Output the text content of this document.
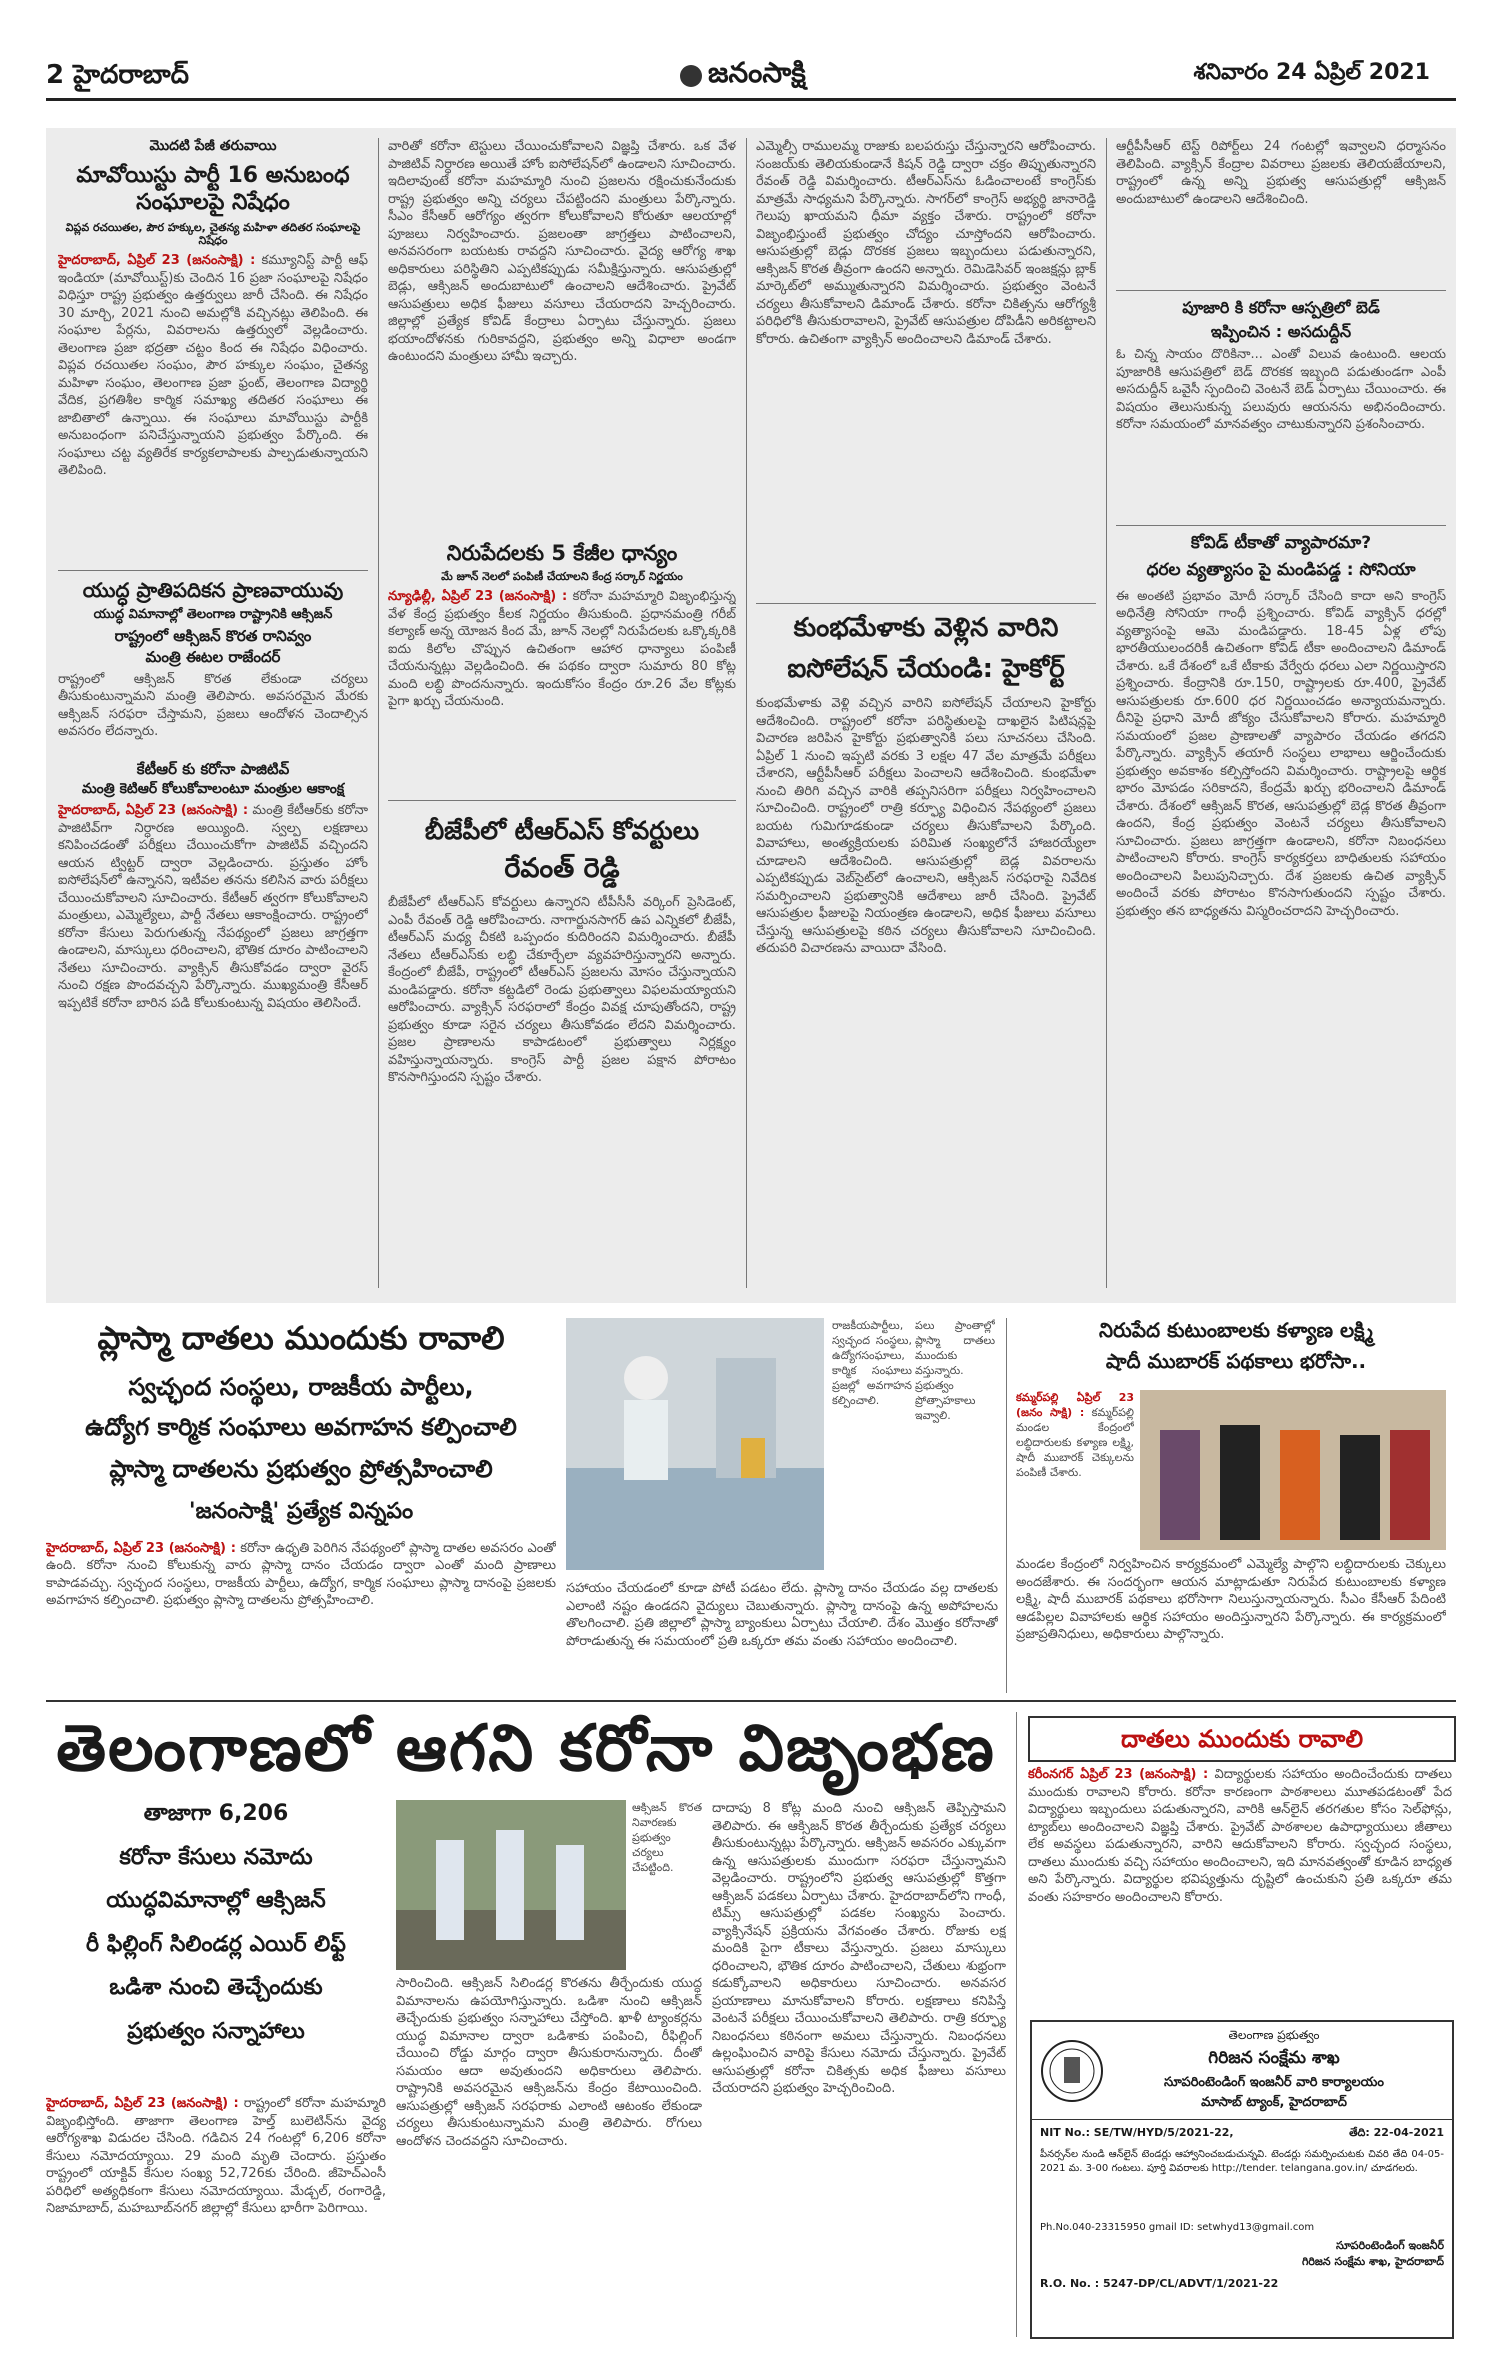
2 హైదరాబాద్	జనంసాక్షి	శనివారం 24 ఏప్రిల్ 2021
మొదటి పేజీ తరువాయి
మావోయిస్టు పార్టీ 16 అనుబంధ
సంఘాలపై నిషేధం
విప్లవ రచయితల, పౌర హక్కుల, చైతన్య మహిళా తదితర సంఘాలపై నిషేధం
హైదరాబాద్‌, ఏప్రిల్‌ 23 (జనంసాక్షి) : కమ్యూనిస్ట్‌ పార్టీ ఆఫ్‌ ఇండియా (మావోయిస్ట్‌)కు చెందిన 16 ప్రజా సంఘాలపై నిషేధం విధిస్తూ రాష్ట్ర ప్రభుత్వం ఉత్తర్వులు జారీ చేసింది. ఈ నిషేధం 30 మార్చి, 2021 నుంచి అమల్లోకి వచ్చినట్లు తెలిపింది. ఈ సంఘాల పేర్లను, వివరాలను ఉత్తర్వులో వెల్లడించారు. తెలంగాణ ప్రజా భద్రతా చట్టం కింద ఈ నిషేధం విధించారు. విప్లవ రచయితల సంఘం, పౌర హక్కుల సంఘం, చైతన్య మహిళా సంఘం, తెలంగాణ ప్రజా ఫ్రంట్‌, తెలంగాణ విద్యార్థి వేదిక, ప్రగతిశీల కార్మిక సమాఖ్య తదితర సంఘాలు ఈ జాబితాలో ఉన్నాయి. ఈ సంఘాలు మావోయిస్టు పార్టీకి అనుబంధంగా పనిచేస్తున్నాయని ప్రభుత్వం పేర్కొంది. ఈ సంఘాలు చట్ట వ్యతిరేక కార్యకలాపాలకు పాల్పడుతున్నాయని తెలిపింది.
యుద్ధ ప్రాతిపదికన ప్రాణవాయువు
యుద్ధ విమానాల్లో తెలంగాణ రాష్ట్రానికి ఆక్సిజన్‌
రాష్ట్రంలో ఆక్సిజన్‌ కొరత రానివ్వం
మంత్రి ఈటల రాజేందర్‌
రాష్ట్రంలో ఆక్సిజన్‌ కొరత లేకుండా చర్యలు తీసుకుంటున్నామని మంత్రి తెలిపారు. అవసరమైన మేరకు ఆక్సిజన్‌ సరఫరా చేస్తామని, ప్రజలు ఆందోళన చెందాల్సిన అవసరం లేదన్నారు.
కేటీఆర్‌ కు కరోనా పాజిటివ్‌
మంత్రి కెటిఆర్‌ కోలుకోవాలంటూ మంత్రుల ఆకాంక్ష
హైదరాబాద్‌, ఏప్రిల్‌ 23 (జనంసాక్షి) : మంత్రి కేటీఆర్‌కు కరోనా పాజిటివ్‌గా నిర్ధారణ అయ్యింది. స్వల్ప లక్షణాలు కనిపించడంతో పరీక్షలు చేయించుకోగా పాజిటివ్‌ వచ్చిందని ఆయన ట్విట్టర్‌ ద్వారా వెల్లడించారు. ప్రస్తుతం హోం ఐసోలేషన్‌లో ఉన్నానని, ఇటీవల తనను కలిసిన వారు పరీక్షలు చేయించుకోవాలని సూచించారు. కేటీఆర్‌ త్వరగా కోలుకోవాలని మంత్రులు, ఎమ్మెల్యేలు, పార్టీ నేతలు ఆకాంక్షించారు. రాష్ట్రంలో కరోనా కేసులు పెరుగుతున్న నేపథ్యంలో ప్రజలు జాగ్రత్తగా ఉండాలని, మాస్కులు ధరించాలని, భౌతిక దూరం పాటించాలని నేతలు సూచించారు. వ్యాక్సిన్‌ తీసుకోవడం ద్వారా వైరస్‌ నుంచి రక్షణ పొందవచ్చని పేర్కొన్నారు. ముఖ్యమంత్రి కేసీఆర్‌ ఇప్పటికే కరోనా బారిన పడి కోలుకుంటున్న విషయం తెలిసిందే.
వారితో కరోనా టెస్టులు చేయించుకోవాలని విజ్ఞప్తి చేశారు. ఒక వేళ పాజిటివ్‌ నిర్ధారణ అయితే హోం ఐసోలేషన్‌లో ఉండాలని సూచించారు. ఇదిలావుంటే కరోనా మహమ్మారి నుంచి ప్రజలను రక్షించుకునేందుకు రాష్ట్ర ప్రభుత్వం అన్ని చర్యలు చేపట్టిందని మంత్రులు పేర్కొన్నారు. సీఎం కేసీఆర్‌ ఆరోగ్యం త్వరగా కోలుకోవాలని కోరుతూ ఆలయాల్లో పూజలు నిర్వహించారు. ప్రజలంతా జాగ్రత్తలు పాటించాలని, అనవసరంగా బయటకు రావద్దని సూచించారు. వైద్య ఆరోగ్య శాఖ అధికారులు పరిస్థితిని ఎప్పటికప్పుడు సమీక్షిస్తున్నారు. ఆసుపత్రుల్లో బెడ్లు, ఆక్సిజన్‌ అందుబాటులో ఉంచాలని ఆదేశించారు. ప్రైవేట్‌ ఆసుపత్రులు అధిక ఫీజులు వసూలు చేయరాదని హెచ్చరించారు. జిల్లాల్లో ప్రత్యేక కోవిడ్‌ కేంద్రాలు ఏర్పాటు చేస్తున్నారు. ప్రజలు భయాందోళనకు గురికావద్దని, ప్రభుత్వం అన్ని విధాలా అండగా ఉంటుందని మంత్రులు హామీ ఇచ్చారు.
నిరుపేదలకు 5 కేజీల ధాన్యం
మే జూన్‌ నెలలో పంపిణీ చేయాలని కేంద్ర సర్కార్‌ నిర్ణయం
న్యూఢిల్లీ, ఏప్రిల్‌ 23 (జనంసాక్షి) : కరోనా మహమ్మారి విజృంభిస్తున్న వేళ కేంద్ర ప్రభుత్వం కీలక నిర్ణయం తీసుకుంది. ప్రధానమంత్రి గరీబ్‌ కల్యాణ్‌ అన్న యోజన కింద మే, జూన్‌ నెలల్లో నిరుపేదలకు ఒక్కొక్కరికి ఐదు కిలోల చొప్పున ఉచితంగా ఆహార ధాన్యాలు పంపిణీ చేయనున్నట్లు వెల్లడించింది. ఈ పథకం ద్వారా సుమారు 80 కోట్ల మంది లబ్ధి పొందనున్నారు. ఇందుకోసం కేంద్రం రూ.26 వేల కోట్లకు పైగా ఖర్చు చేయనుంది.
బీజేపీలో టీఆర్‌ఎస్‌ కోవర్టులు
రేవంత్‌ రెడ్డి
బీజేపీలో టీఆర్‌ఎస్‌ కోవర్టులు ఉన్నారని టీపీసీసీ వర్కింగ్‌ ప్రెసిడెంట్‌, ఎంపీ రేవంత్‌ రెడ్డి ఆరోపించారు. నాగార్జునసాగర్‌ ఉప ఎన్నికలో బీజేపీ, టీఆర్‌ఎస్‌ మధ్య చీకటి ఒప్పందం కుదిరిందని విమర్శించారు. బీజేపీ నేతలు టీఆర్‌ఎస్‌కు లబ్ధి చేకూర్చేలా వ్యవహరిస్తున్నారని అన్నారు. కేంద్రంలో బీజేపీ, రాష్ట్రంలో టీఆర్‌ఎస్‌ ప్రజలను మోసం చేస్తున్నాయని మండిపడ్డారు. కరోనా కట్టడిలో రెండు ప్రభుత్వాలు విఫలమయ్యాయని ఆరోపించారు. వ్యాక్సిన్‌ సరఫరాలో కేంద్రం వివక్ష చూపుతోందని, రాష్ట్ర ప్రభుత్వం కూడా సరైన చర్యలు తీసుకోవడం లేదని విమర్శించారు. ప్రజల ప్రాణాలను కాపాడటంలో ప్రభుత్వాలు నిర్లక్ష్యం వహిస్తున్నాయన్నారు. కాంగ్రెస్‌ పార్టీ ప్రజల పక్షాన పోరాటం కొనసాగిస్తుందని స్పష్టం చేశారు.
ఎమ్మెల్సీ రాములమ్మ రాజుకు బలపరుస్తు చేస్తున్నారని ఆరోపించారు. సంజయ్‌కు తెలియకుండానే కిషన్‌ రెడ్డి ద్వారా చక్రం తిప్పుతున్నారని రేవంత్‌ రెడ్డి విమర్శించారు. టీఆర్‌ఎస్‌ను ఓడించాలంటే కాంగ్రెస్‌కు మాత్రమే సాధ్యమని పేర్కొన్నారు. సాగర్‌లో కాంగ్రెస్‌ అభ్యర్థి జానారెడ్డి గెలుపు ఖాయమని ధీమా వ్యక్తం చేశారు. రాష్ట్రంలో కరోనా విజృంభిస్తుంటే ప్రభుత్వం చోద్యం చూస్తోందని ఆరోపించారు. ఆసుపత్రుల్లో బెడ్లు దొరకక ప్రజలు ఇబ్బందులు పడుతున్నారని, ఆక్సిజన్‌ కొరత తీవ్రంగా ఉందని అన్నారు. రెమిడెసివర్‌ ఇంజక్షన్లు బ్లాక్‌ మార్కెట్‌లో అమ్ముతున్నారని విమర్శించారు. ప్రభుత్వం వెంటనే చర్యలు తీసుకోవాలని డిమాండ్‌ చేశారు. కరోనా చికిత్సను ఆరోగ్యశ్రీ పరిధిలోకి తీసుకురావాలని, ప్రైవేట్‌ ఆసుపత్రుల దోపిడీని అరికట్టాలని కోరారు. ఉచితంగా వ్యాక్సిన్‌ అందించాలని డిమాండ్‌ చేశారు.
కుంభమేళాకు వెళ్లిన వారిని
ఐసోలేషన్‌ చేయండి: హైకోర్ట్‌
కుంభమేళాకు వెళ్లి వచ్చిన వారిని ఐసోలేషన్‌ చేయాలని హైకోర్టు ఆదేశించింది. రాష్ట్రంలో కరోనా పరిస్థితులపై దాఖలైన పిటిషన్లపై విచారణ జరిపిన హైకోర్టు ప్రభుత్వానికి పలు సూచనలు చేసింది. ఏప్రిల్‌ 1 నుంచి ఇప్పటి వరకు 3 లక్షల 47 వేల మాత్రమే పరీక్షలు చేశారని, ఆర్టీపీసీఆర్‌ పరీక్షలు పెంచాలని ఆదేశించింది. కుంభమేళా నుంచి తిరిగి వచ్చిన వారికి తప్పనిసరిగా పరీక్షలు నిర్వహించాలని సూచించింది. రాష్ట్రంలో రాత్రి కర్ఫ్యూ విధించిన నేపథ్యంలో ప్రజలు బయట గుమిగూడకుండా చర్యలు తీసుకోవాలని పేర్కొంది. వివాహాలు, అంత్యక్రియలకు పరిమిత సంఖ్యలోనే హాజరయ్యేలా చూడాలని ఆదేశించింది. ఆసుపత్రుల్లో బెడ్ల వివరాలను ఎప్పటికప్పుడు వెబ్‌సైట్‌లో ఉంచాలని, ఆక్సిజన్‌ సరఫరాపై నివేదిక సమర్పించాలని ప్రభుత్వానికి ఆదేశాలు జారీ చేసింది. ప్రైవేట్‌ ఆసుపత్రుల ఫీజులపై నియంత్రణ ఉండాలని, అధిక ఫీజులు వసూలు చేస్తున్న ఆసుపత్రులపై కఠిన చర్యలు తీసుకోవాలని సూచించింది. తదుపరి విచారణను వాయిదా వేసింది.
ఆర్టీపీసీఆర్‌ టెస్ట్‌ రిపోర్ట్‌లు 24 గంటల్లో ఇవ్వాలని ధర్మాసనం తెలిపింది. వ్యాక్సిన్‌ కేంద్రాల వివరాలు ప్రజలకు తెలియజేయాలని, రాష్ట్రంలో ఉన్న అన్ని ప్రభుత్వ ఆసుపత్రుల్లో ఆక్సిజన్‌ అందుబాటులో ఉండాలని ఆదేశించింది.
పూజారి కి కరోనా ఆస్పత్రిలో బెడ్‌
ఇప్పించిన : అసదుద్దీన్‌
ఓ చిన్న సాయం దొరికినా... ఎంతో విలువ ఉంటుంది. ఆలయ పూజారికి ఆసుపత్రిలో బెడ్‌ దొరకక ఇబ్బంది పడుతుండగా ఎంపీ అసదుద్దీన్‌ ఒవైసీ స్పందించి వెంటనే బెడ్‌ ఏర్పాటు చేయించారు. ఈ విషయం తెలుసుకున్న పలువురు ఆయనను అభినందించారు. కరోనా సమయంలో మానవత్వం చాటుకున్నారని ప్రశంసించారు.
కోవిడ్‌ టీకాతో వ్యాపారమా?
ధరల వ్యత్యాసం పై మండిపడ్డ : సోనియా
ఈ అంతటి ప్రభావం మోదీ సర్కార్‌ చేసింది కాదా అని కాంగ్రెస్‌ అధినేత్రి సోనియా గాంధీ ప్రశ్నించారు. కోవిడ్‌ వ్యాక్సిన్‌ ధరల్లో వ్యత్యాసంపై ఆమె మండిపడ్డారు. 18-45 ఏళ్ల లోపు భారతీయులందరికీ ఉచితంగా కోవిడ్‌ టీకా అందించాలని డిమాండ్‌ చేశారు. ఒకే దేశంలో ఒకే టీకాకు వేర్వేరు ధరలు ఎలా నిర్ణయిస్తారని ప్రశ్నించారు. కేంద్రానికి రూ.150, రాష్ట్రాలకు రూ.400, ప్రైవేట్‌ ఆసుపత్రులకు రూ.600 ధర నిర్ణయించడం అన్యాయమన్నారు. దీనిపై ప్రధాని మోదీ జోక్యం చేసుకోవాలని కోరారు. మహమ్మారి సమయంలో ప్రజల ప్రాణాలతో వ్యాపారం చేయడం తగదని పేర్కొన్నారు. వ్యాక్సిన్‌ తయారీ సంస్థలు లాభాలు ఆర్జించేందుకు ప్రభుత్వం అవకాశం కల్పిస్తోందని విమర్శించారు. రాష్ట్రాలపై ఆర్థిక భారం మోపడం సరికాదని, కేంద్రమే ఖర్చు భరించాలని డిమాండ్‌ చేశారు. దేశంలో ఆక్సిజన్‌ కొరత, ఆసుపత్రుల్లో బెడ్ల కొరత తీవ్రంగా ఉందని, కేంద్ర ప్రభుత్వం వెంటనే చర్యలు తీసుకోవాలని సూచించారు. ప్రజలు జాగ్రత్తగా ఉండాలని, కరోనా నిబంధనలు పాటించాలని కోరారు. కాంగ్రెస్‌ కార్యకర్తలు బాధితులకు సహాయం అందించాలని పిలుపునిచ్చారు. దేశ ప్రజలకు ఉచిత వ్యాక్సిన్‌ అందించే వరకు పోరాటం కొనసాగుతుందని స్పష్టం చేశారు. ప్రభుత్వం తన బాధ్యతను విస్మరించరాదని హెచ్చరించారు.
ప్లాస్మా దాతలు ముందుకు రావాలి
స్వచ్ఛంద సంస్థలు, రాజకీయ పార్టీలు,
ఉద్యోగ కార్మిక సంఘాలు అవగాహన కల్పించాలి
ప్లాస్మా దాతలను ప్రభుత్వం ప్రోత్సహించాలి
'జనంసాక్షి' ప్రత్యేక విన్నపం
హైదరాబాద్‌, ఏప్రిల్‌ 23 (జనంసాక్షి) : కరోనా ఉధృతి పెరిగిన నేపథ్యంలో ప్లాస్మా దాతల అవసరం ఎంతో ఉంది. కరోనా నుంచి కోలుకున్న వారు ప్లాస్మా దానం చేయడం ద్వారా ఎంతో మంది ప్రాణాలు కాపాడవచ్చు. స్వచ్ఛంద సంస్థలు, రాజకీయ పార్టీలు, ఉద్యోగ, కార్మిక సంఘాలు ప్లాస్మా దానంపై ప్రజలకు అవగాహన కల్పించాలి. ప్రభుత్వం ప్లాస్మా దాతలను ప్రోత్సహించాలి.
రాజకీయపార్టీలు, స్వచ్ఛంద సంస్థలు, ఉద్యోగసంఘాలు, కార్మిక సంఘాలు ప్రజల్లో అవగాహన కల్పించాలి.
పలు ప్రాంతాల్లో ప్లాస్మా దాతలు ముందుకు వస్తున్నారు. ప్రభుత్వం ప్రోత్సాహకాలు ఇవ్వాలి.
సహాయం చేయడంలో కూడా పోటీ పడటం లేదు. ప్లాస్మా దానం చేయడం వల్ల దాతలకు ఎలాంటి నష్టం ఉండదని వైద్యులు చెబుతున్నారు. ప్లాస్మా దానంపై ఉన్న అపోహలను తొలగించాలి. ప్రతి జిల్లాలో ప్లాస్మా బ్యాంకులు ఏర్పాటు చేయాలి. దేశం మొత్తం కరోనాతో పోరాడుతున్న ఈ సమయంలో ప్రతి ఒక్కరూ తమ వంతు సహాయం అందించాలి.
నిరుపేద కుటుంబాలకు కళ్యాణ లక్ష్మి
షాదీ ముబారక్‌ పథకాలు భరోసా..
కమ్మర్‌పల్లి ఏప్రిల్‌ 23 (జనం సాక్షి) : కమ్మర్‌పల్లి మండల కేంద్రంలో లబ్ధిదారులకు కళ్యాణ లక్ష్మి, షాదీ ముబారక్‌ చెక్కులను పంపిణీ చేశారు.
మండల కేంద్రంలో నిర్వహించిన కార్యక్రమంలో ఎమ్మెల్యే పాల్గొని లబ్ధిదారులకు చెక్కులు అందజేశారు. ఈ సందర్భంగా ఆయన మాట్లాడుతూ నిరుపేద కుటుంబాలకు కళ్యాణ లక్ష్మి, షాదీ ముబారక్‌ పథకాలు భరోసాగా నిలుస్తున్నాయన్నారు. సీఎం కేసీఆర్‌ పేదింటి ఆడపిల్లల వివాహాలకు ఆర్థిక సహాయం అందిస్తున్నారని పేర్కొన్నారు. ఈ కార్యక్రమంలో ప్రజాప్రతినిధులు, అధికారులు పాల్గొన్నారు.
తెలంగాణలో ఆగని కరోనా విజృంభణ
తాజాగా 6,206
కరోనా కేసులు నమోదు
యుద్ధవిమానాల్లో ఆక్సిజన్‌
రీ ఫిల్లింగ్‌ సిలిండర్ల ఎయిర్‌ లిఫ్ట్‌
ఒడిశా నుంచి తెచ్చేందుకు
ప్రభుత్వం సన్నాహాలు
హైదరాబాద్‌, ఏప్రిల్‌ 23 (జనంసాక్షి) : రాష్ట్రంలో కరోనా మహమ్మారి విజృంభిస్తోంది. తాజాగా తెలంగాణ హెల్త్‌ బులెటిన్‌ను వైద్య ఆరోగ్యశాఖ విడుదల చేసింది. గడిచిన 24 గంటల్లో 6,206 కరోనా కేసులు నమోదయ్యాయి. 29 మంది మృతి చెందారు. ప్రస్తుతం రాష్ట్రంలో యాక్టివ్‌ కేసుల సంఖ్య 52,726కు చేరింది. జీహెచ్‌ఎంసీ పరిధిలో అత్యధికంగా కేసులు నమోదయ్యాయి. మేడ్చల్‌, రంగారెడ్డి, నిజామాబాద్‌, మహబూబ్‌నగర్‌ జిల్లాల్లో కేసులు భారీగా పెరిగాయి.
ఆక్సిజన్‌ కొరత నివారణకు ప్రభుత్వం చర్యలు చేపట్టింది.
సారించింది. ఆక్సిజన్‌ సిలిండర్ల కొరతను తీర్చేందుకు యుద్ధ విమానాలను ఉపయోగిస్తున్నారు. ఒడిశా నుంచి ఆక్సిజన్‌ తెచ్చేందుకు ప్రభుత్వం సన్నాహాలు చేస్తోంది. ఖాళీ ట్యాంకర్లను యుద్ధ విమానాల ద్వారా ఒడిశాకు పంపించి, రీఫిల్లింగ్‌ చేయించి రోడ్డు మార్గం ద్వారా తీసుకురానున్నారు. దీంతో సమయం ఆదా అవుతుందని అధికారులు తెలిపారు. రాష్ట్రానికి అవసరమైన ఆక్సిజన్‌ను కేంద్రం కేటాయించింది. ఆసుపత్రుల్లో ఆక్సిజన్‌ సరఫరాకు ఎలాంటి ఆటంకం లేకుండా చర్యలు తీసుకుంటున్నామని మంత్రి తెలిపారు. రోగులు ఆందోళన చెందవద్దని సూచించారు.
దాదాపు 8 కోట్ల మంది నుంచి ఆక్సిజన్‌ తెప్పిస్తామని తెలిపారు. ఈ ఆక్సిజన్‌ కొరత తీర్చేందుకు ప్రత్యేక చర్యలు తీసుకుంటున్నట్లు పేర్కొన్నారు. ఆక్సిజన్‌ అవసరం ఎక్కువగా ఉన్న ఆసుపత్రులకు ముందుగా సరఫరా చేస్తున్నామని వెల్లడించారు. రాష్ట్రంలోని ప్రభుత్వ ఆసుపత్రుల్లో కొత్తగా ఆక్సిజన్‌ పడకలు ఏర్పాటు చేశారు. హైదరాబాద్‌లోని గాంధీ, టిమ్స్‌ ఆసుపత్రుల్లో పడకల సంఖ్యను పెంచారు. వ్యాక్సినేషన్‌ ప్రక్రియను వేగవంతం చేశారు. రోజుకు లక్ష మందికి పైగా టీకాలు వేస్తున్నారు. ప్రజలు మాస్కులు ధరించాలని, భౌతిక దూరం పాటించాలని, చేతులు శుభ్రంగా కడుక్కోవాలని అధికారులు సూచించారు. అనవసర ప్రయాణాలు మానుకోవాలని కోరారు. లక్షణాలు కనిపిస్తే వెంటనే పరీక్షలు చేయించుకోవాలని తెలిపారు. రాత్రి కర్ఫ్యూ నిబంధనలు కఠినంగా అమలు చేస్తున్నారు. నిబంధనలు ఉల్లంఘించిన వారిపై కేసులు నమోదు చేస్తున్నారు. ప్రైవేట్‌ ఆసుపత్రుల్లో కరోనా చికిత్సకు అధిక ఫీజులు వసూలు చేయరాదని ప్రభుత్వం హెచ్చరించింది.
దాతలు ముందుకు రావాలి
కరీంనగర్‌ ఏప్రిల్‌ 23 (జనంసాక్షి) : విద్యార్థులకు సహాయం అందించేందుకు దాతలు ముందుకు రావాలని కోరారు. కరోనా కారణంగా పాఠశాలలు మూతపడటంతో పేద విద్యార్థులు ఇబ్బందులు పడుతున్నారని, వారికి ఆన్‌లైన్‌ తరగతుల కోసం సెల్‌ఫోన్లు, ట్యాబ్‌లు అందించాలని విజ్ఞప్తి చేశారు. ప్రైవేట్‌ పాఠశాలల ఉపాధ్యాయులు జీతాలు లేక అవస్థలు పడుతున్నారని, వారిని ఆదుకోవాలని కోరారు. స్వచ్ఛంద సంస్థలు, దాతలు ముందుకు వచ్చి సహాయం అందించాలని, ఇది మానవత్వంతో కూడిన బాధ్యత అని పేర్కొన్నారు. విద్యార్థుల భవిష్యత్తును దృష్టిలో ఉంచుకుని ప్రతి ఒక్కరూ తమ వంతు సహకారం అందించాలని కోరారు.
తెలంగాణ ప్రభుత్వం
గిరిజన సంక్షేమ శాఖ
సూపరింటెండింగ్‌ ఇంజనీర్‌ వారి కార్యాలయం
మాసాబ్‌ ట్యాంక్‌, హైదరాబాద్‌
NIT No.: SE/TW/HYD/5/2021-22,	తేది: 22-04-2021
పీనర్సన్‌ల నుండి ఆన్‌లైన్‌ టెండర్లు ఆహ్వానించబడుచున్నవి. టెండర్లు సమర్పించుటకు చివరి తేది 04-05-2021 మ. 3-00 గంటలు. పూర్తి వివరాలకు http://tender. telangana.gov.in/ చూడగలరు.
Ph.No.040-23315950 gmail ID: setwhyd13@gmail.com
సూపరింటెండింగ్‌ ఇంజనీర్‌
గిరిజన సంక్షేమ శాఖ, హైదరాబాద్‌
R.O. No. : 5247-DP/CL/ADVT/1/2021-22
